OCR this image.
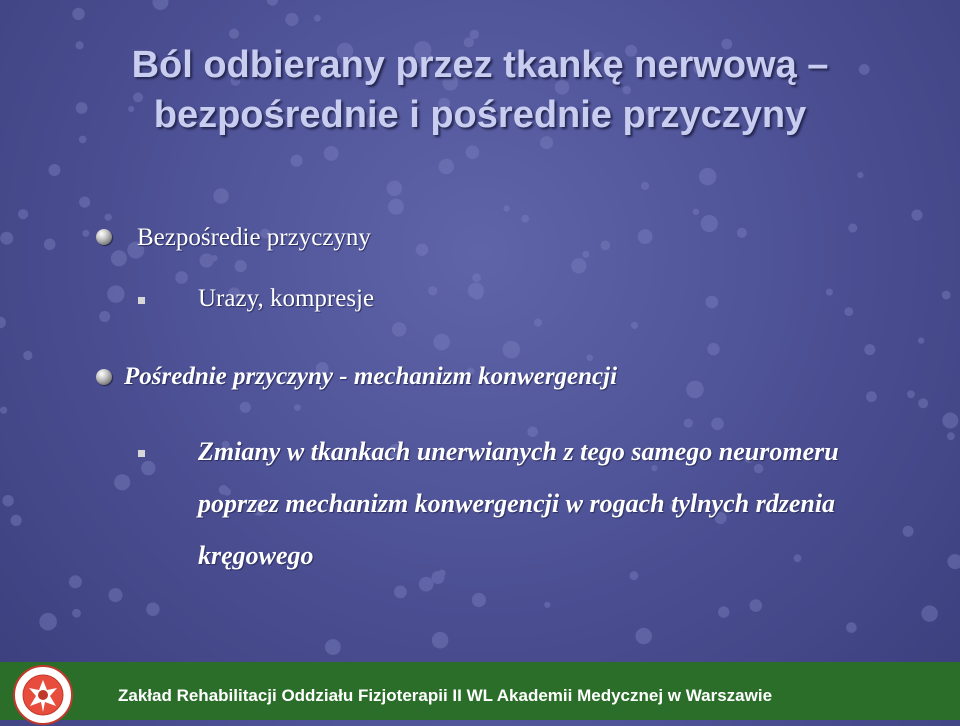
Ból odbierany przez tkankę nerwową –
bezpośrednie i pośrednie przyczyny
Bezpośredie przyczyny
Urazy, kompresje
Pośrednie przyczyny - mechanizm konwergencji
Zmiany w tkankach unerwianych z tego samego neuromeru poprzez mechanizm konwergencji w rogach tylnych rdzenia kręgowego
Zakład Rehabilitacji Oddziału Fizjoterapii II WL Akademii Medycznej w Warszawie
